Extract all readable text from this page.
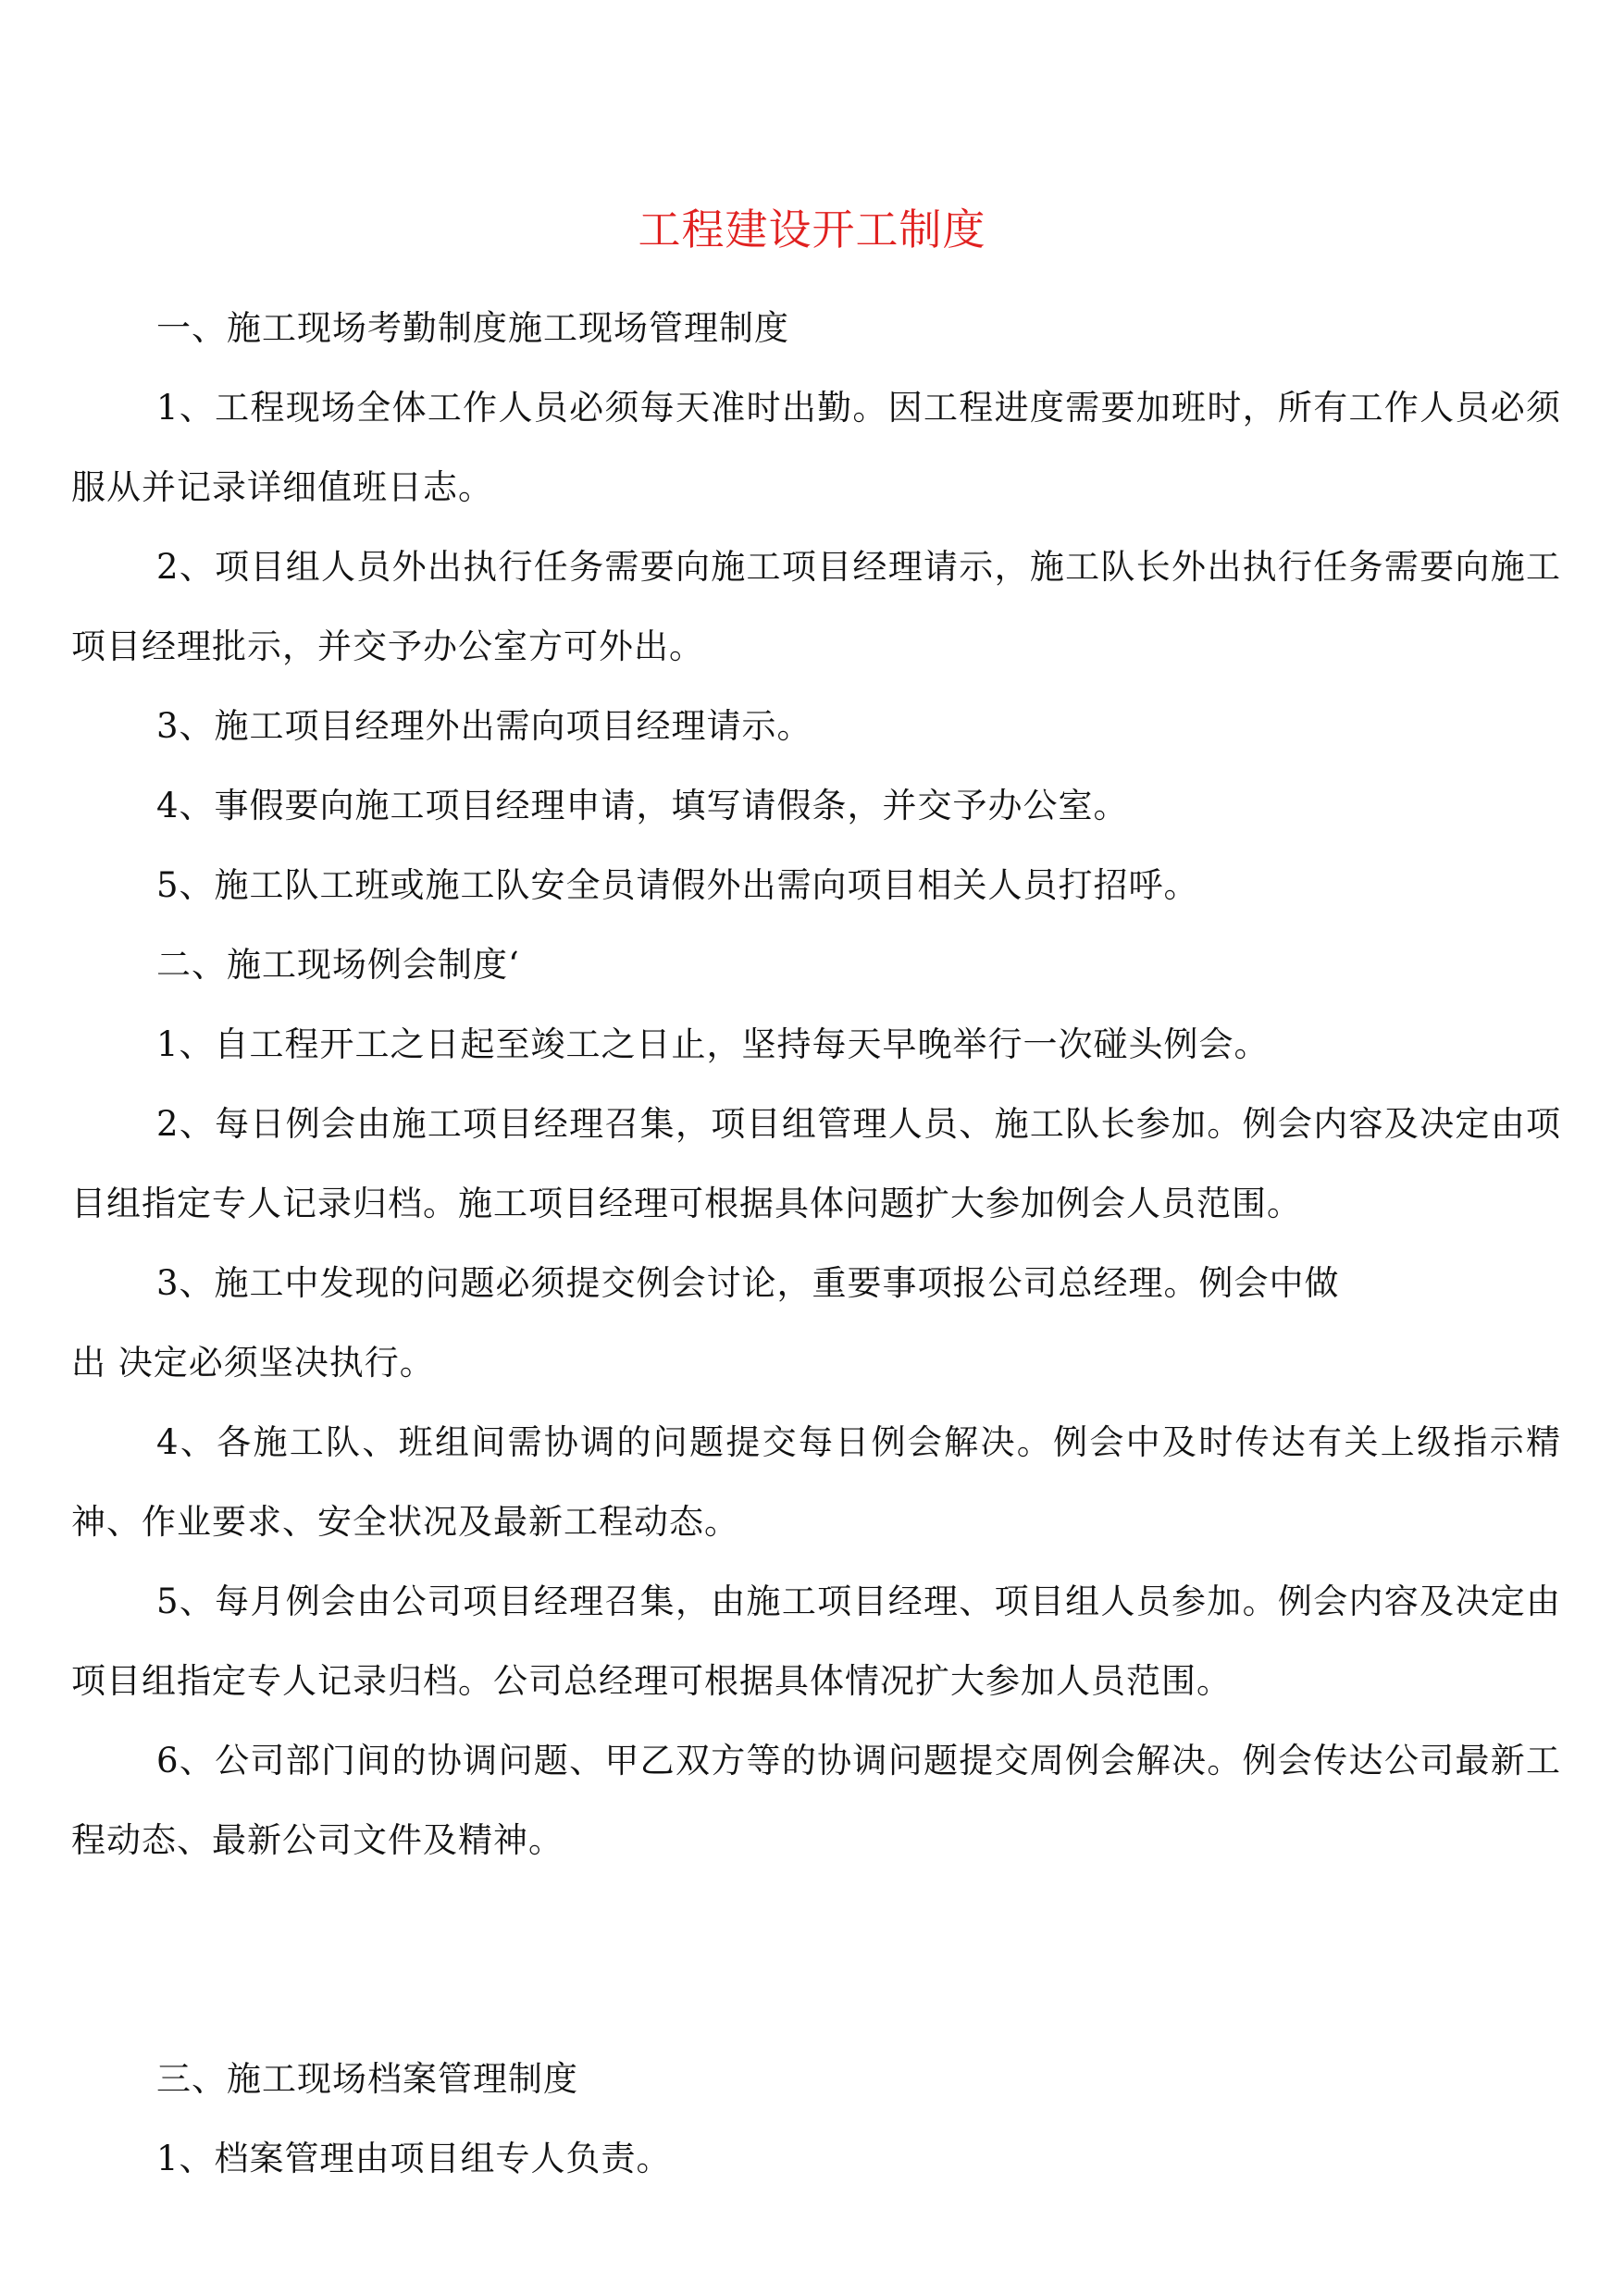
工程建设开工制度

一、施工现场考勤制度施工现场管理制度

1、工程现场全体工作人员必须每天准时出勤。因工程进度需要加班时，所有工作人员必须服从并记录详细值班日志。

2、项目组人员外出执行任务需要向施工项目经理请示，施工队长外出执行任务需要向施工项目经理批示，并交予办公室方可外出。

3、施工项目经理外出需向项目经理请示。

4、事假要向施工项目经理申请，填写请假条，并交予办公室。

5、施工队工班或施工队安全员请假外出需向项目相关人员打招呼。

二、施工现场例会制度‘

1、自工程开工之日起至竣工之日止，坚持每天早晚举行一次碰头例会。

2、每日例会由施工项目经理召集，项目组管理人员、施工队长参加。例会内容及决定由项目组指定专人记录归档。施工项目经理可根据具体问题扩大参加例会人员范围。

3、施工中发现的问题必须提交例会讨论，重要事项报公司总经理。例会中做

出 决定必须坚决执行。

4、各施工队、班组间需协调的问题提交每日例会解决。例会中及时传达有关上级指示精神、作业要求、安全状况及最新工程动态。

5、每月例会由公司项目经理召集，由施工项目经理、项目组人员参加。例会内容及决定由项目组指定专人记录归档。公司总经理可根据具体情况扩大参加人员范围。

6、公司部门间的协调问题、甲乙双方等的协调问题提交周例会解决。例会传达公司最新工程动态、最新公司文件及精神。

三、施工现场档案管理制度

1、档案管理由项目组专人负责。
